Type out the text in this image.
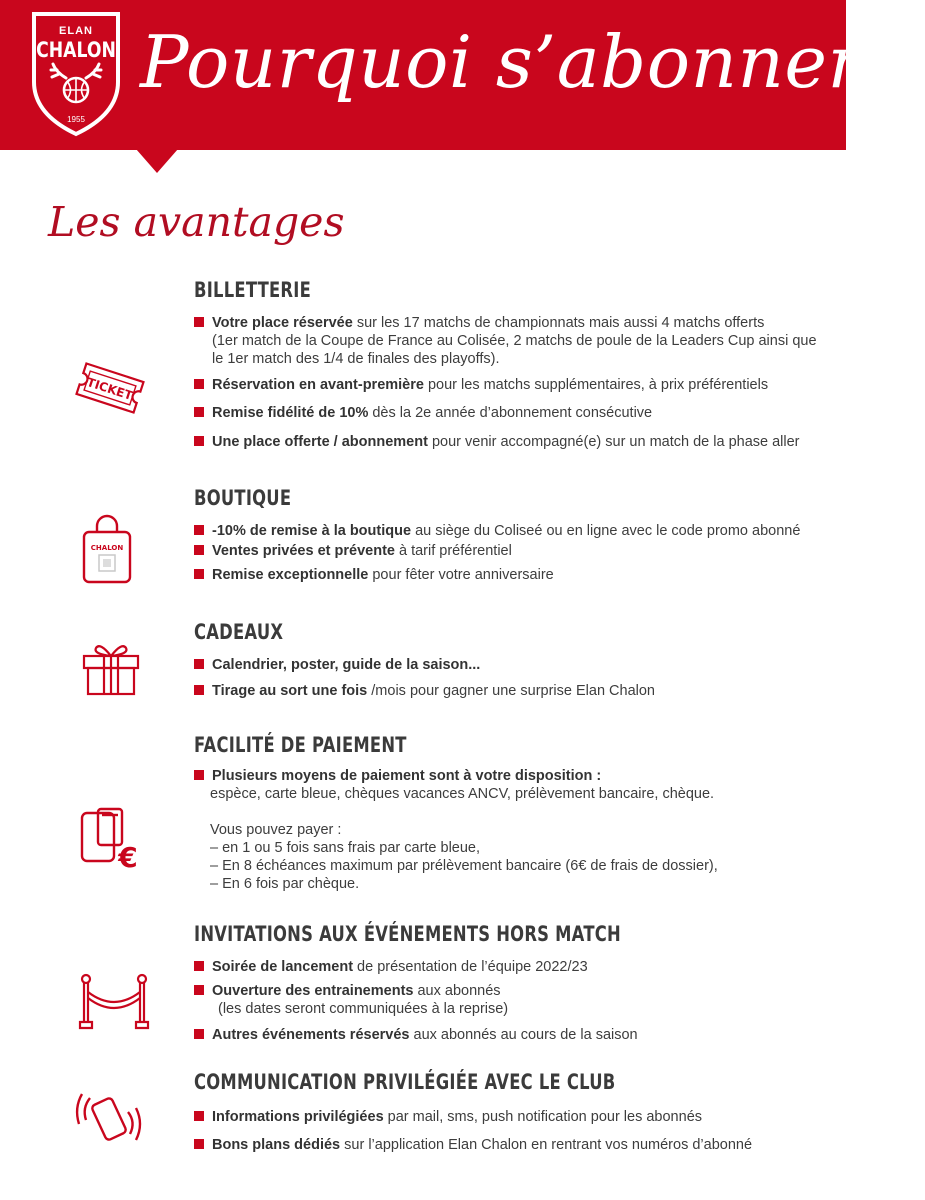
ELAN
CHALON
1955
Pourquoi s’abonner ?
Les avantages
BILLETTERIE
TICKET
Votre place réservée sur les 17 matchs de championnats mais aussi 4 matchs offerts
(1er match de la Coupe de France au Colisée, 2 matchs de poule de la Leaders Cup ainsi que
le 1er match des 1/4 de finales des playoffs).
Réservation en avant-première pour les matchs supplémentaires, à prix préférentiels
Remise fidélité de 10% dès la 2e année d’abonnement consécutive
Une place offerte / abonnement pour venir accompagné(e) sur un match de la phase aller
BOUTIQUE
CHALON
-10% de remise à la boutique au siège du Coliseé ou en ligne avec le code promo abonné
Ventes privées et prévente à tarif préférentiel
Remise exceptionnelle pour fêter votre anniversaire
CADEAUX
Calendrier, poster, guide de la saison...
Tirage au sort une fois /mois pour gagner une surprise Elan Chalon
FACILITÉ DE PAIEMENT
€
Plusieurs moyens de paiement sont à votre disposition :
espèce, carte bleue, chèques vacances ANCV, prélèvement bancaire, chèque.
Vous pouvez payer :
– en 1 ou 5 fois sans frais par carte bleue,
– En 8 échéances maximum par prélèvement bancaire (6€ de frais de dossier),
– En 6 fois par chèque.
INVITATIONS AUX ÉVÉNEMENTS HORS MATCH
Soirée de lancement de présentation de l’équipe 2022/23
Ouverture des entrainements aux abonnés
(les dates seront communiquées à la reprise)
Autres événements réservés aux abonnés au cours de la saison
COMMUNICATION PRIVILÉGIÉE AVEC LE CLUB
Informations privilégiées par mail, sms, push notification pour les abonnés
Bons plans dédiés sur l’application Elan Chalon en rentrant vos numéros d’abonné
